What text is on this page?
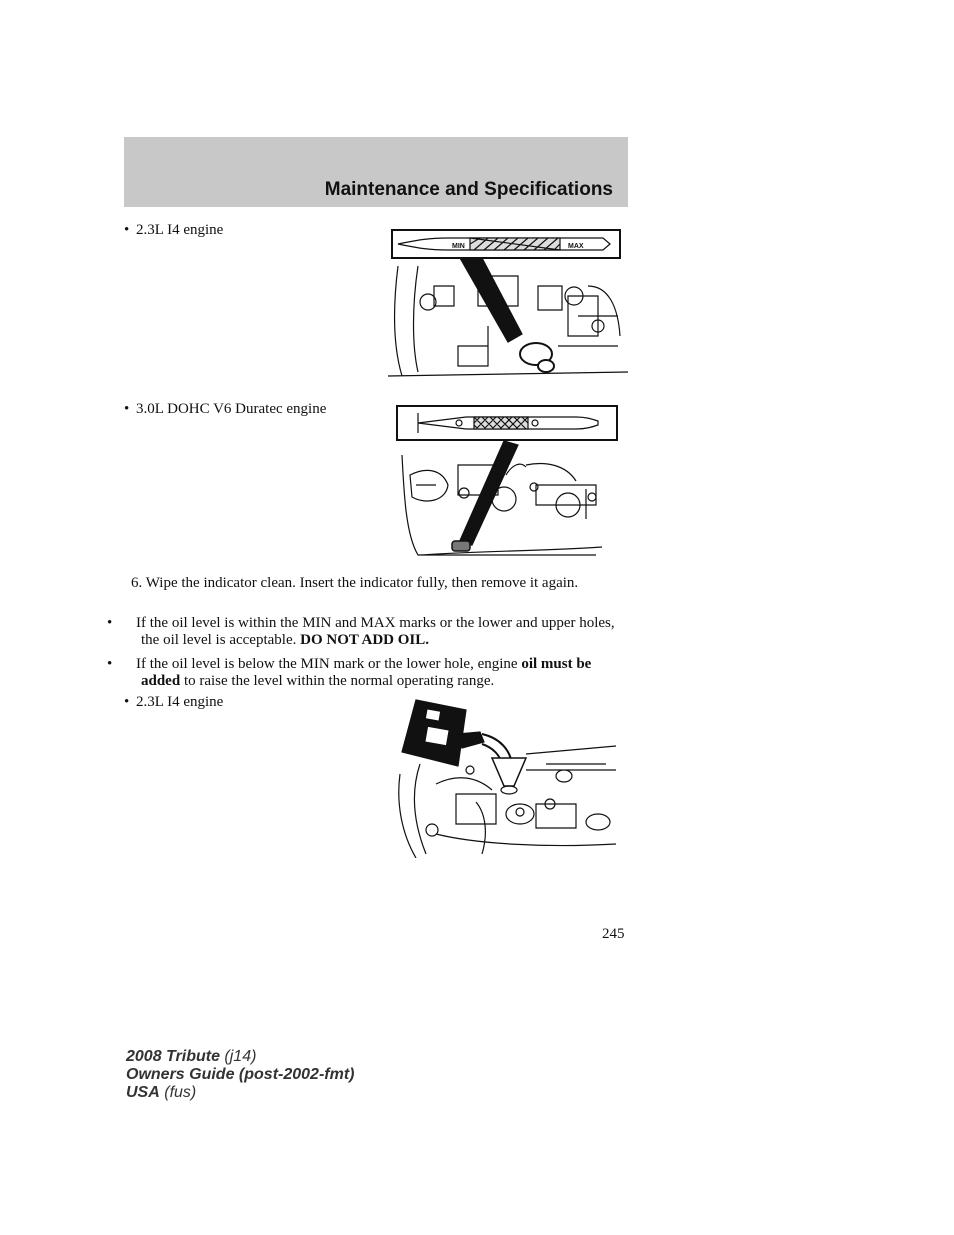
Maintenance and Specifications
• 2.3L I4 engine
MIN	MAX
• 3.0L DOHC V6 Duratec engine
6. Wipe the indicator clean. Insert the indicator fully, then remove it again.
• If the oil level is within the MIN and MAX marks or the lower and upper holes, the oil level is acceptable. DO NOT ADD OIL.
• If the oil level is below the MIN mark or the lower hole, engine oil must be added to raise the level within the normal operating range.
• 2.3L I4 engine
245
2008 Tribute (j14)
Owners Guide (post-2002-fmt)
USA (fus)
